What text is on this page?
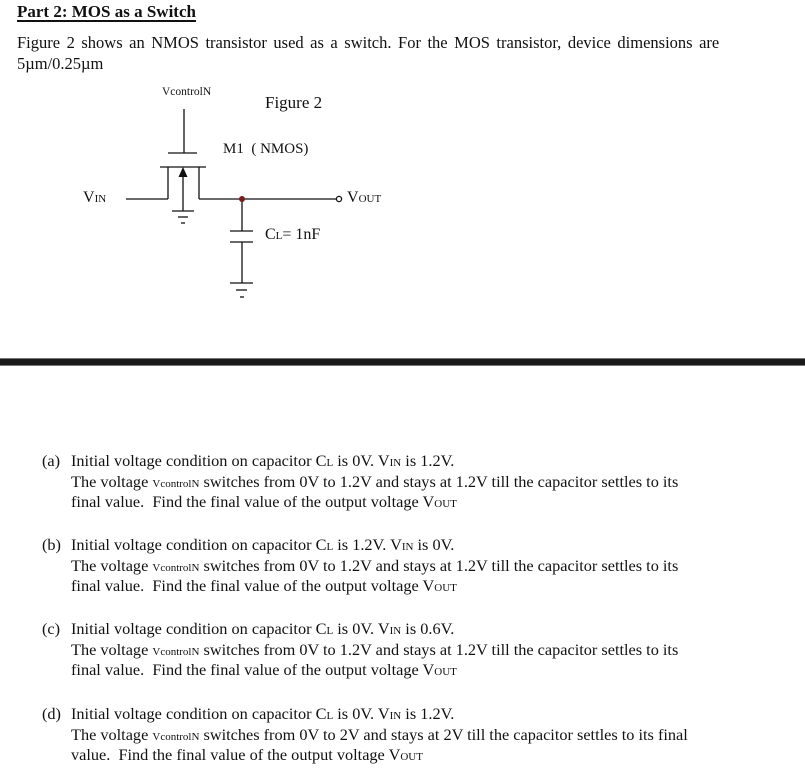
Part 2: MOS as a Switch
Figure 2 shows an NMOS transistor used as a switch. For the MOS transistor, device dimensions are
5µm/0.25µm
VcontrolN
Figure 2
M1  ( NMOS)
VIN	VOUT
CL= 1nF
(a) Initial voltage condition on capacitor CL is 0V. VIN is 1.2V.
The voltage VcontrolN switches from 0V to 1.2V and stays at 1.2V till the capacitor settles to its
final value.  Find the final value of the output voltage VOUT
(b) Initial voltage condition on capacitor CL is 1.2V. VIN is 0V.
The voltage VcontrolN switches from 0V to 1.2V and stays at 1.2V till the capacitor settles to its
final value.  Find the final value of the output voltage VOUT
(c) Initial voltage condition on capacitor CL is 0V. VIN is 0.6V.
The voltage VcontrolN switches from 0V to 1.2V and stays at 1.2V till the capacitor settles to its
final value.  Find the final value of the output voltage VOUT
(d) Initial voltage condition on capacitor CL is 0V. VIN is 1.2V.
The voltage VcontrolN switches from 0V to 2V and stays at 2V till the capacitor settles to its final
value.  Find the final value of the output voltage VOUT
